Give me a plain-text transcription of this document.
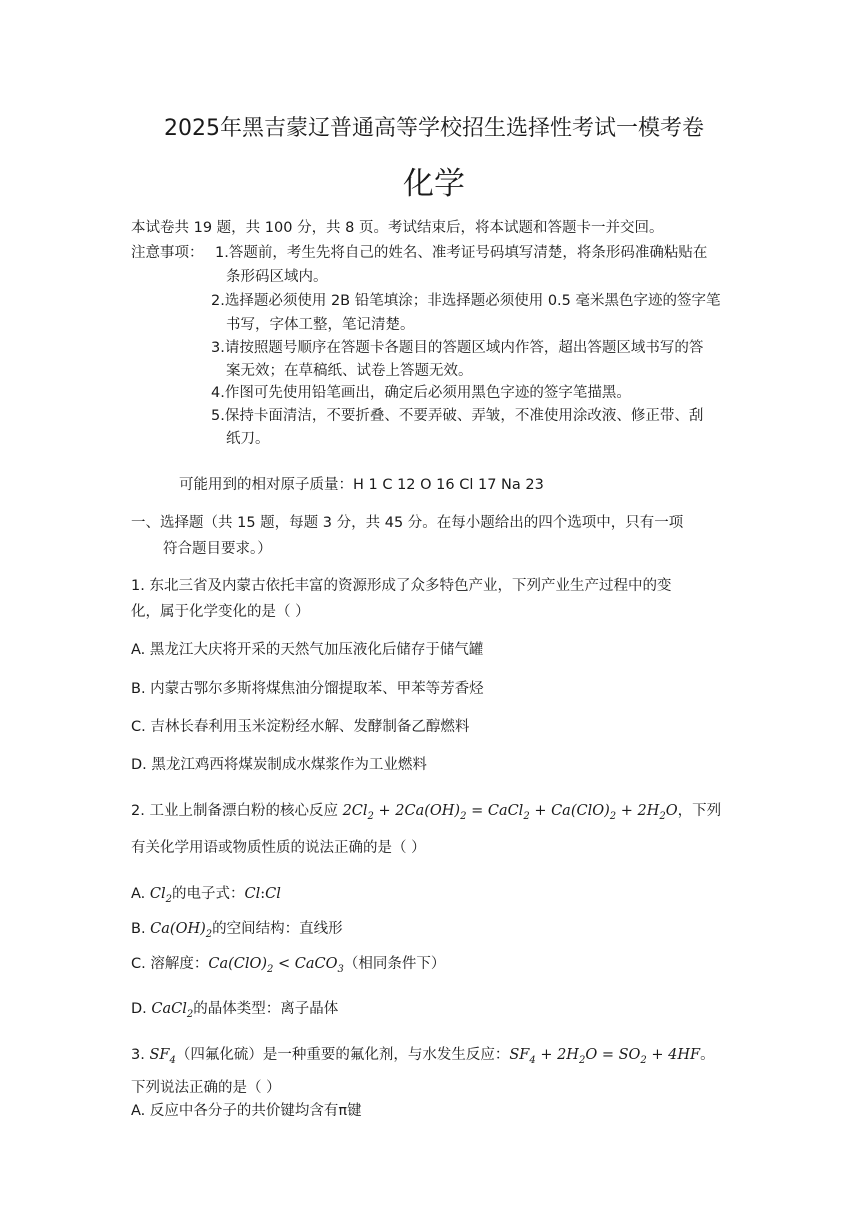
2025年黑吉蒙辽普通高等学校招生选择性考试一模考卷
化学
本试卷共 19 题，共 100 分，共 8 页。考试结束后，将本试题和答题卡一并交回。
注意事项： 1.答题前，考生先将自己的姓名、准考证号码填写清楚，将条形码准确粘贴在
条形码区域内。
2.选择题必须使用 2B 铅笔填涂；非选择题必须使用 0.5 毫米黑色字迹的签字笔
书写，字体工整，笔记清楚。
3.请按照题号顺序在答题卡各题目的答题区域内作答，超出答题区域书写的答
案无效；在草稿纸、试卷上答题无效。
4.作图可先使用铅笔画出，确定后必须用黑色字迹的签字笔描黑。
5.保持卡面清洁，不要折叠、不要弄破、弄皱，不准使用涂改液、修正带、刮
纸刀。
可能用到的相对原子质量：H 1 C 12 O 16 Cl 17 Na 23
一、选择题（共 15 题，每题 3 分，共 45 分。在每小题给出的四个选项中，只有一项
符合题目要求。）
1. 东北三省及内蒙古依托丰富的资源形成了众多特色产业，下列产业生产过程中的变
化，属于化学变化的是（ ）
A. 黑龙江大庆将开采的天然气加压液化后储存于储气罐
B. 内蒙古鄂尔多斯将煤焦油分馏提取苯、甲苯等芳香烃
C. 吉林长春利用玉米淀粉经水解、发酵制备乙醇燃料
D. 黑龙江鸡西将煤炭制成水煤浆作为工业燃料
2. 工业上制备漂白粉的核心反应 $2Cl_2 + 2Ca(OH)_2$ = CaCl$_2$ + $Ca(ClO)_2 + 2H_2O$，下列
有关化学用语或物质性质的说法正确的是（ ）
A. $Cl_2$的电子式：Cl:Cl
B. $Ca(OH)_2$的空间结构：直线形
C. 溶解度：$Ca(ClO)_2$ < CaCO$_3$（相同条件下）
D. CaCl$_2$的晶体类型：离子晶体
3. $SF_4$（四氟化硫）是一种重要的氟化剂，与水发生反应：$SF_4 + 2H_2O = SO_2 + 4HF$。
下列说法正确的是（ ）
A. 反应中各分子的共价键均含有π键
